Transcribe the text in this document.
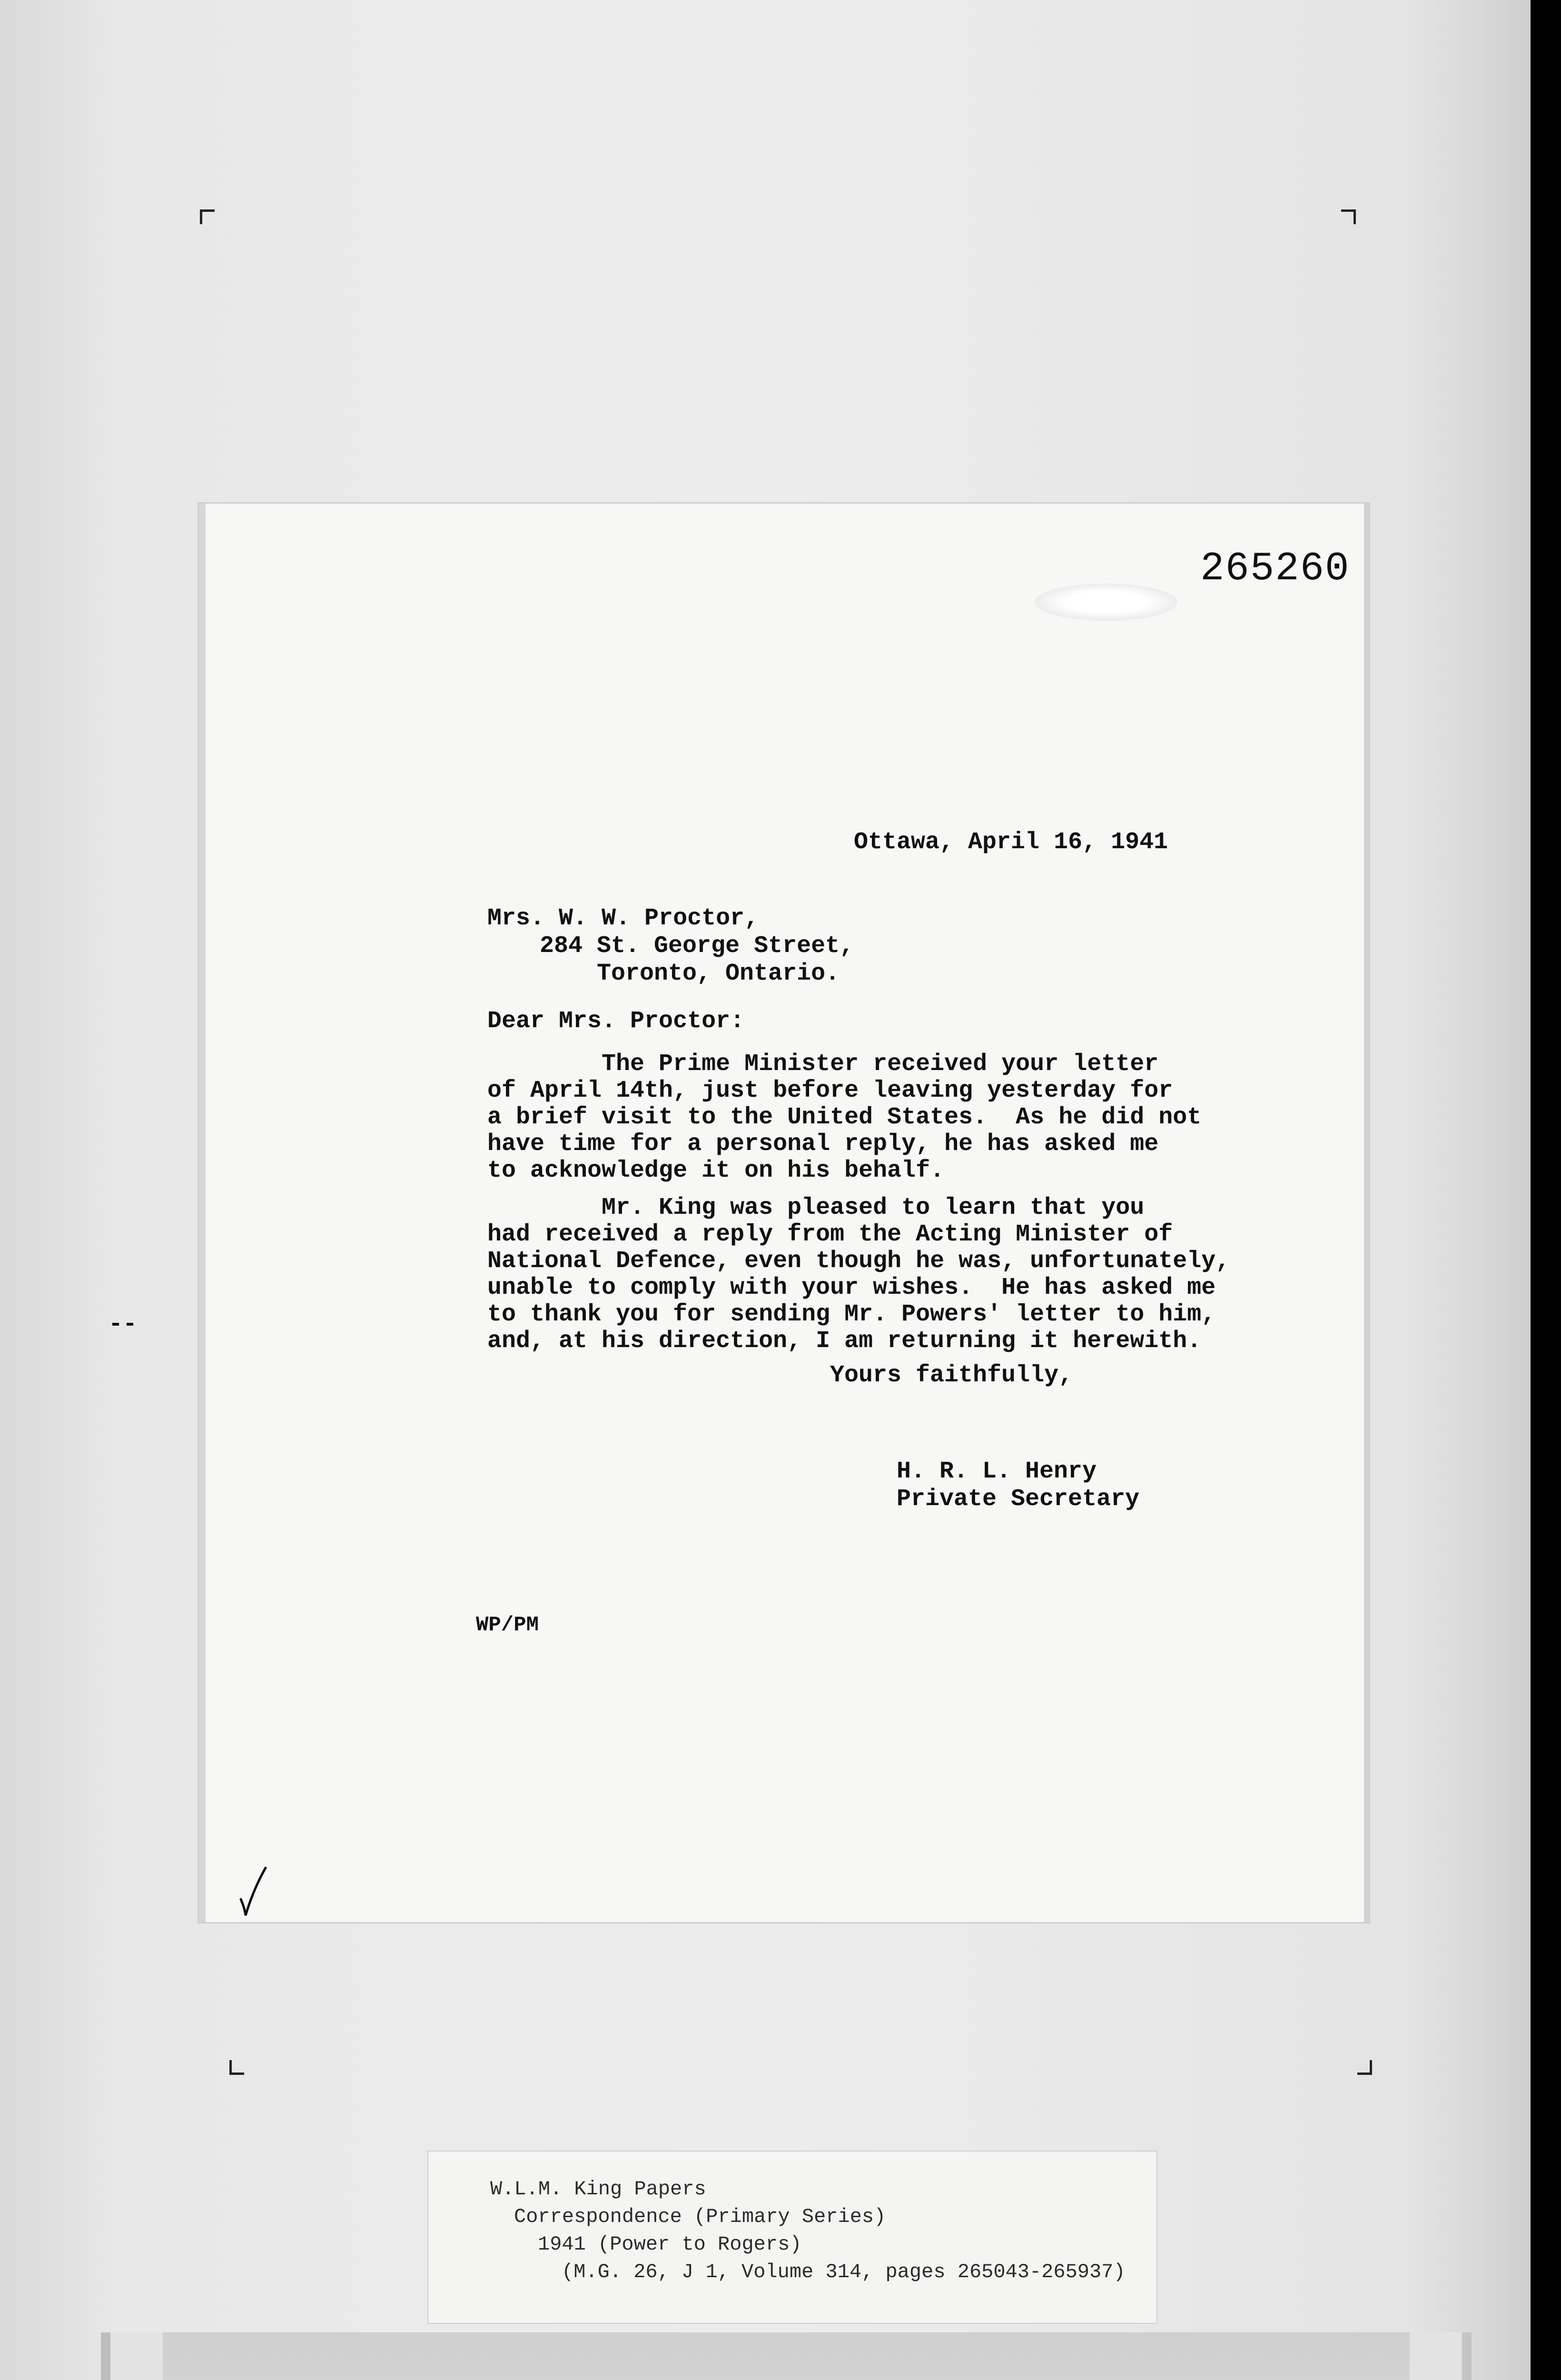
265260
Ottawa, April 16, 1941
Mrs. W. W. Proctor,
284 St. George Street,
Toronto, Ontario.
Dear Mrs. Proctor:
The Prime Minister received your letter
of April 14th, just before leaving yesterday for
a brief visit to the United States.  As he did not
have time for a personal reply, he has asked me
to acknowledge it on his behalf.
Mr. King was pleased to learn that you
had received a reply from the Acting Minister of
National Defence, even though he was, unfortunately,
unable to comply with your wishes.  He has asked me
to thank you for sending Mr. Powers' letter to him,
and, at his direction, I am returning it herewith.
--
Yours faithfully,
H. R. L. Henry
Private Secretary
WP/PM
W.L.M. King Papers
Correspondence (Primary Series)
1941 (Power to Rogers)
(M.G. 26, J 1, Volume 314, pages 265043-265937)
